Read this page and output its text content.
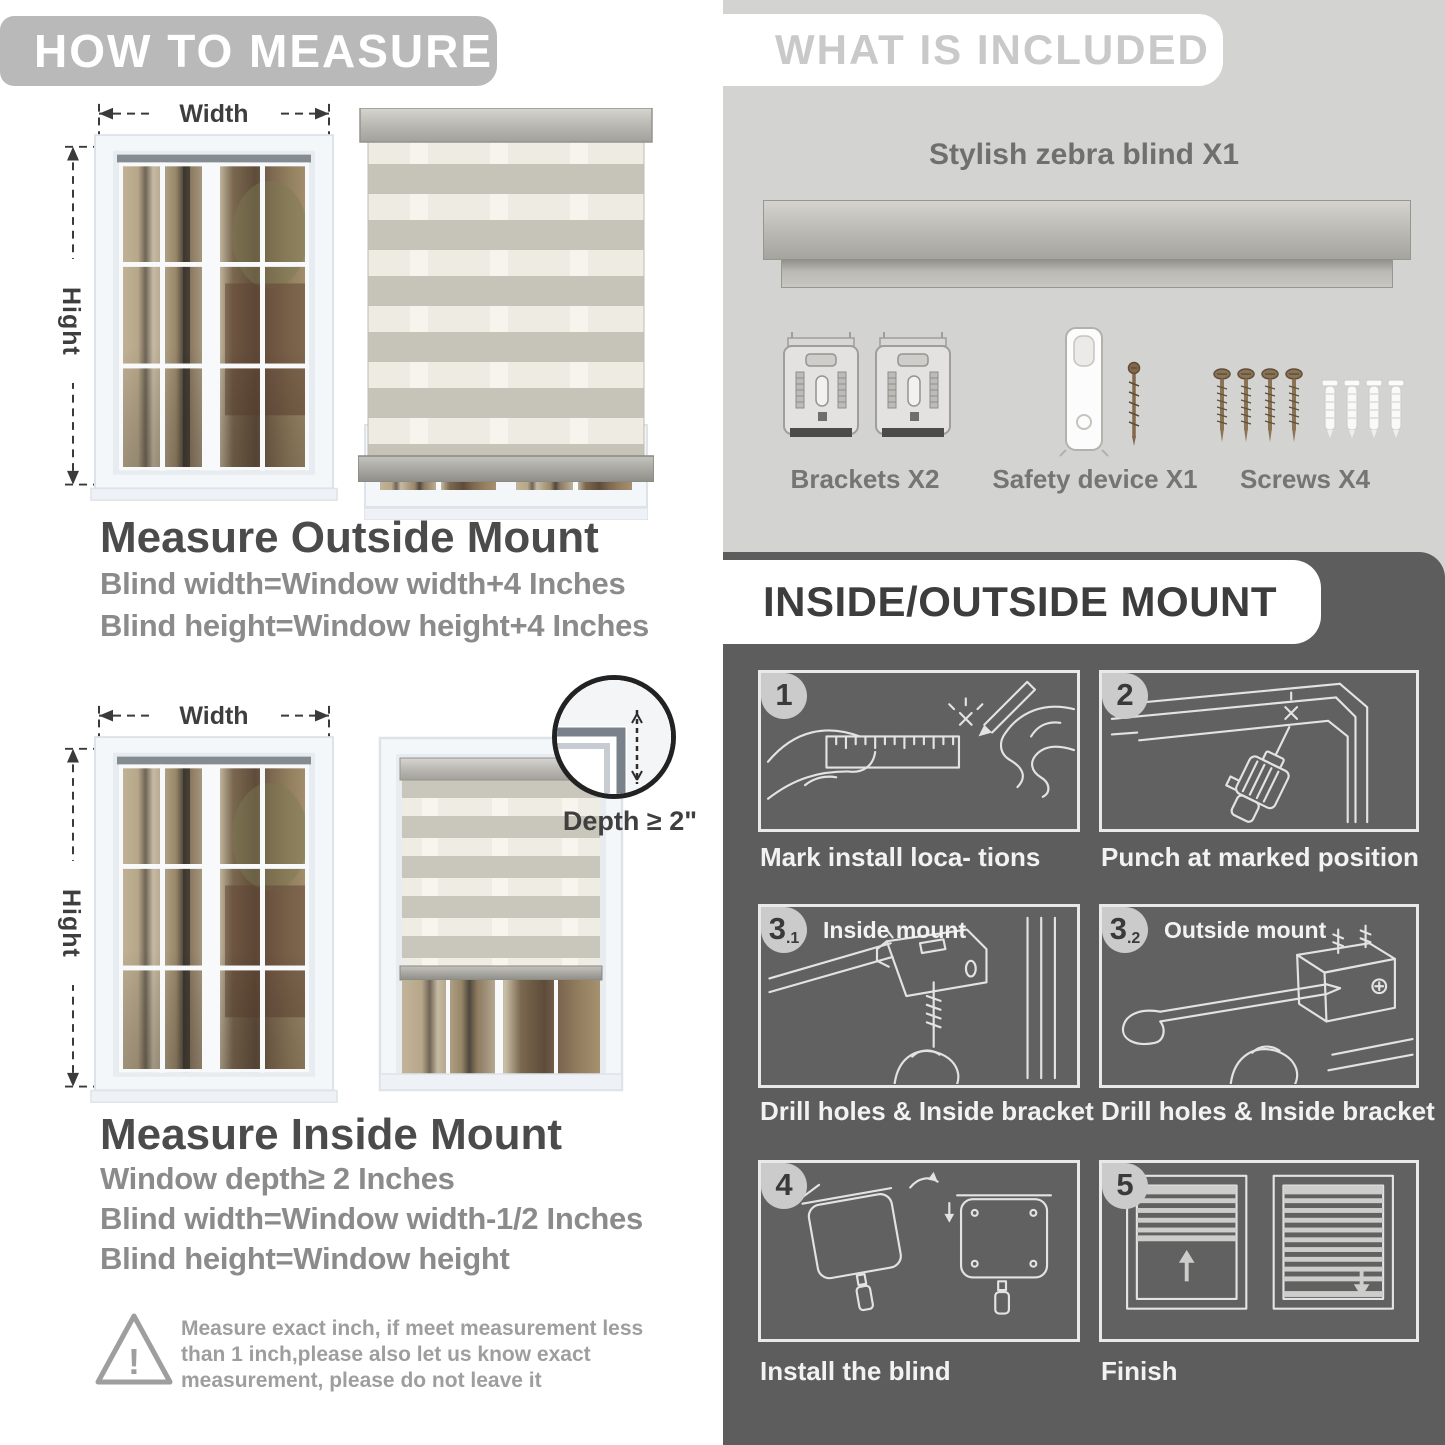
HOW TO MEASURE
Width
Hight
Measure Outside Mount
Blind width=Window width+4 Inches
Blind height=Window height+4 Inches
Width
Hight
Depth ≥ 2"
Measure Inside Mount
Window depth≥ 2 Inches
Blind width=Window width-1/2 Inches
Blind height=Window height
!
Measure exact inch, if meet measurement less
than 1 inch,please also let us know exact
measurement, please do not leave it
WHAT IS INCLUDED
Stylish zebra blind X1
Brackets X2	Safety device X1	Screws X4
INSIDE/OUTSIDE MOUNT
1
Mark install loca- tions
2
Punch at marked position
3 .1 Inside mount
Drill holes & Inside bracket
3 .2 Outside mount
Drill holes & Inside bracket
4
Install the blind
5
Finish
